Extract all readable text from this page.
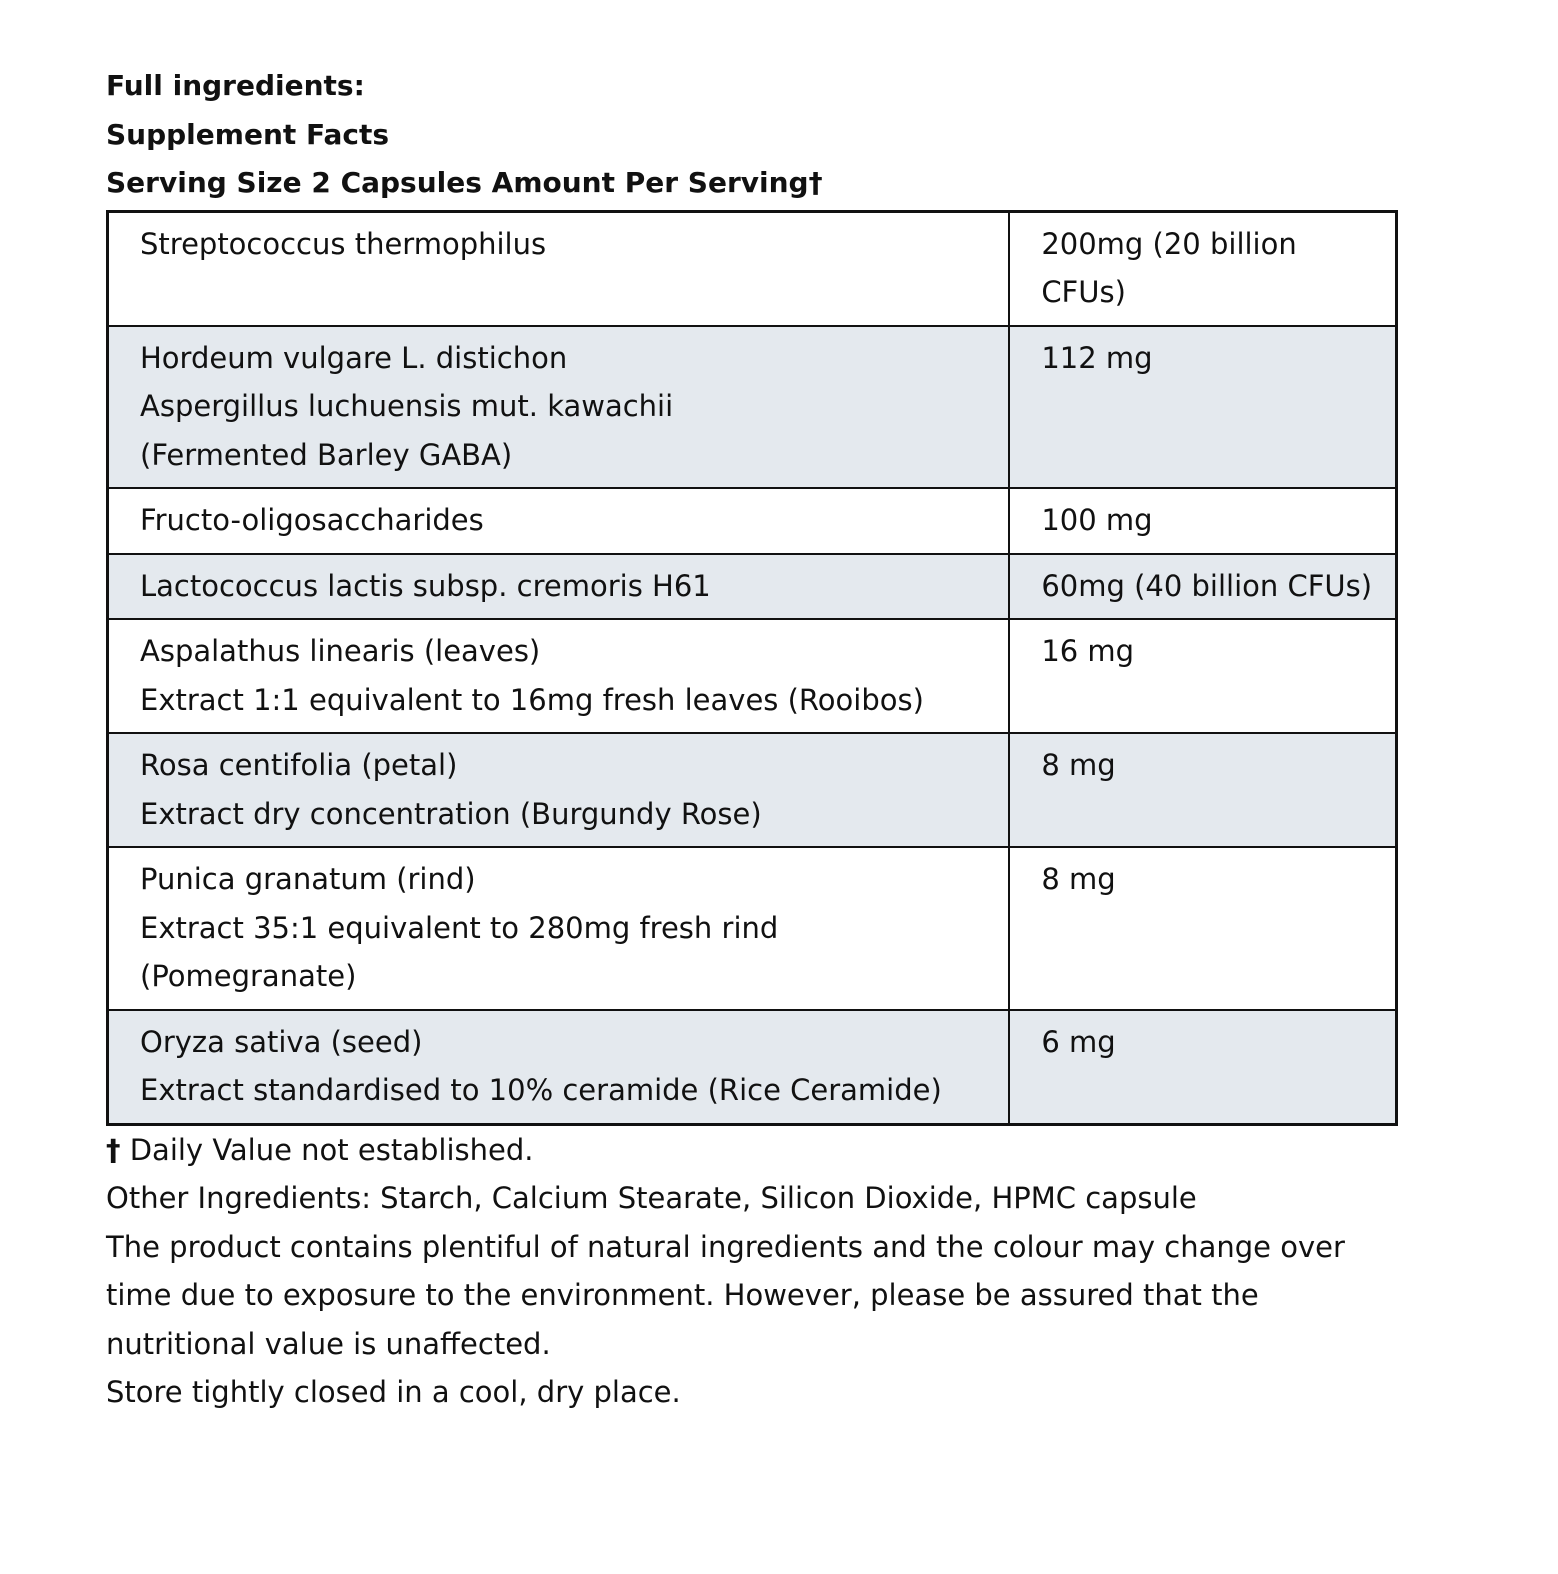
Full ingredients:

Supplement Facts

Serving Size 2 Capsules Amount Per Serving†

Streptococcus thermophilus	200mg (20 billion CFUs)

Hordeum vulgare L. distichon
Aspergillus luchuensis mut. kawachii
(Fermented Barley GABA)	112 mg

Fructo-oligosaccharides	100 mg

Lactococcus lactis subsp. cremoris H61	60mg (40 billion CFUs)

Aspalathus linearis (leaves)
Extract 1:1 equivalent to 16mg fresh leaves (Rooibos)	16 mg

Rosa centifolia (petal)
Extract dry concentration (Burgundy Rose)	8 mg

Punica granatum (rind)
Extract 35:1 equivalent to 280mg fresh rind
(Pomegranate)	8 mg

Oryza sativa (seed)
Extract standardised to 10% ceramide (Rice Ceramide)	6 mg

† Daily Value not established.

Other Ingredients: Starch, Calcium Stearate, Silicon Dioxide, HPMC capsule

The product contains plentiful of natural ingredients and the colour may change over time due to exposure to the environment. However, please be assured that the nutritional value is unaffected.

Store tightly closed in a cool, dry place.
